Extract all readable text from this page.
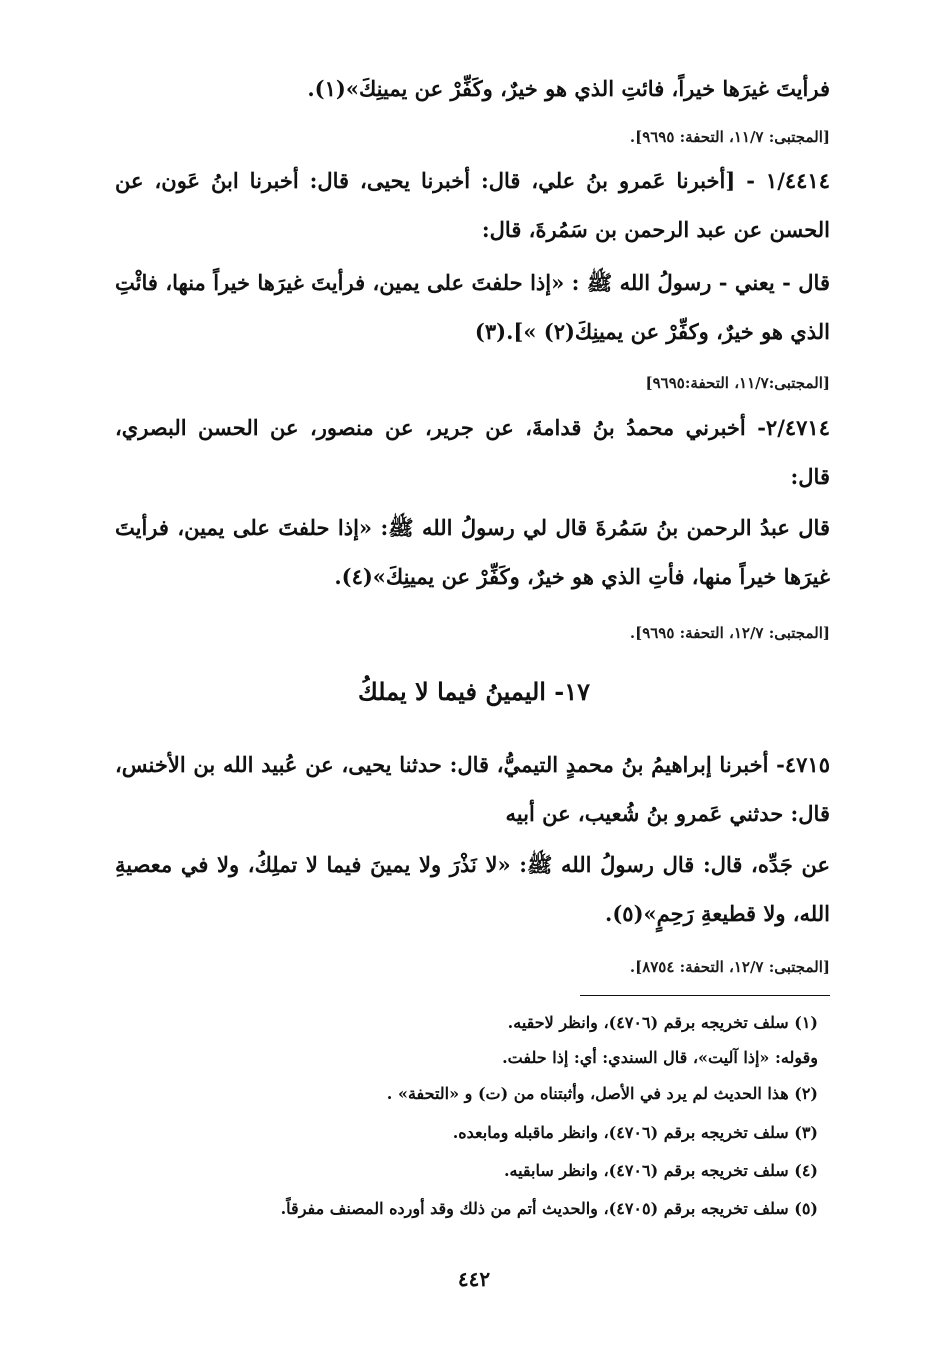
فرأيتَ غيرَها خيراً، فائتِ الذي هو خيرٌ، وكَفِّرْ عن يمينِكَ»(١).

[المجتبى: ١١/٧، التحفة: ٩٦٩٥].

١/٤٤١٤ - [أخبرنا عَمرو بنُ علي، قال: أخبرنا يحيى، قال: أخبرنا ابنُ عَون، عن الحسن عن عبد الرحمن بن سَمُرةَ، قال:

قال - يعني - رسولُ الله ﷺ : «إذا حلفتَ على يمين، فرأيتَ غيرَها خيراً منها، فائْتِ الذي هو خيرٌ، وكفِّرْ عن يمينِكَ(٢) »].(٣)

[المجتبى:١١/٧، التحفة:٩٦٩٥]

٢/٤٧١٤- أخبرني محمدُ بنُ قدامةَ، عن جرير، عن منصور، عن الحسن البصري، قال:

قال عبدُ الرحمن بنُ سَمُرةَ قال لي رسولُ الله ﷺ: «إذا حلفتَ على يمين، فرأيتَ غيرَها خيراً منها، فأتِ الذي هو خيرٌ، وكَفِّرْ عن يمينِكَ»(٤).

[المجتبى: ١٢/٧، التحفة: ٩٦٩٥].

١٧- اليمينُ فيما لا يملكُ

٤٧١٥- أخبرنا إبراهيمُ بنُ محمدٍ التيميُّ، قال: حدثنا يحيى، عن عُبيد الله بن الأخنس، قال: حدثني عَمرو بنُ شُعيب، عن أبيه

عن جَدِّه، قال: قال رسولُ الله ﷺ: «لا نَذْرَ ولا يمينَ فيما لا تملِكُ، ولا في معصيةِ الله، ولا قطيعةِ رَحِمٍ»(٥).

[المجتبى: ١٢/٧، التحفة: ٨٧٥٤].

(١) سلف تخريجه برقم (٤٧٠٦)، وانظر لاحقيه.

وقوله: «إذا آليت»، قال السندي: أي: إذا حلفت.

(٢) هذا الحديث لم يرد في الأصل، وأثبتناه من (ت) و «التحفة» .

(٣) سلف تخريجه برقم (٤٧٠٦)، وانظر ماقبله ومابعده.

(٤) سلف تخريجه برقم (٤٧٠٦)، وانظر سابقيه.

(٥) سلف تخريجه برقم (٤٧٠٥)، والحديث أتم من ذلك وقد أورده المصنف مفرقاً.

٤٤٢
